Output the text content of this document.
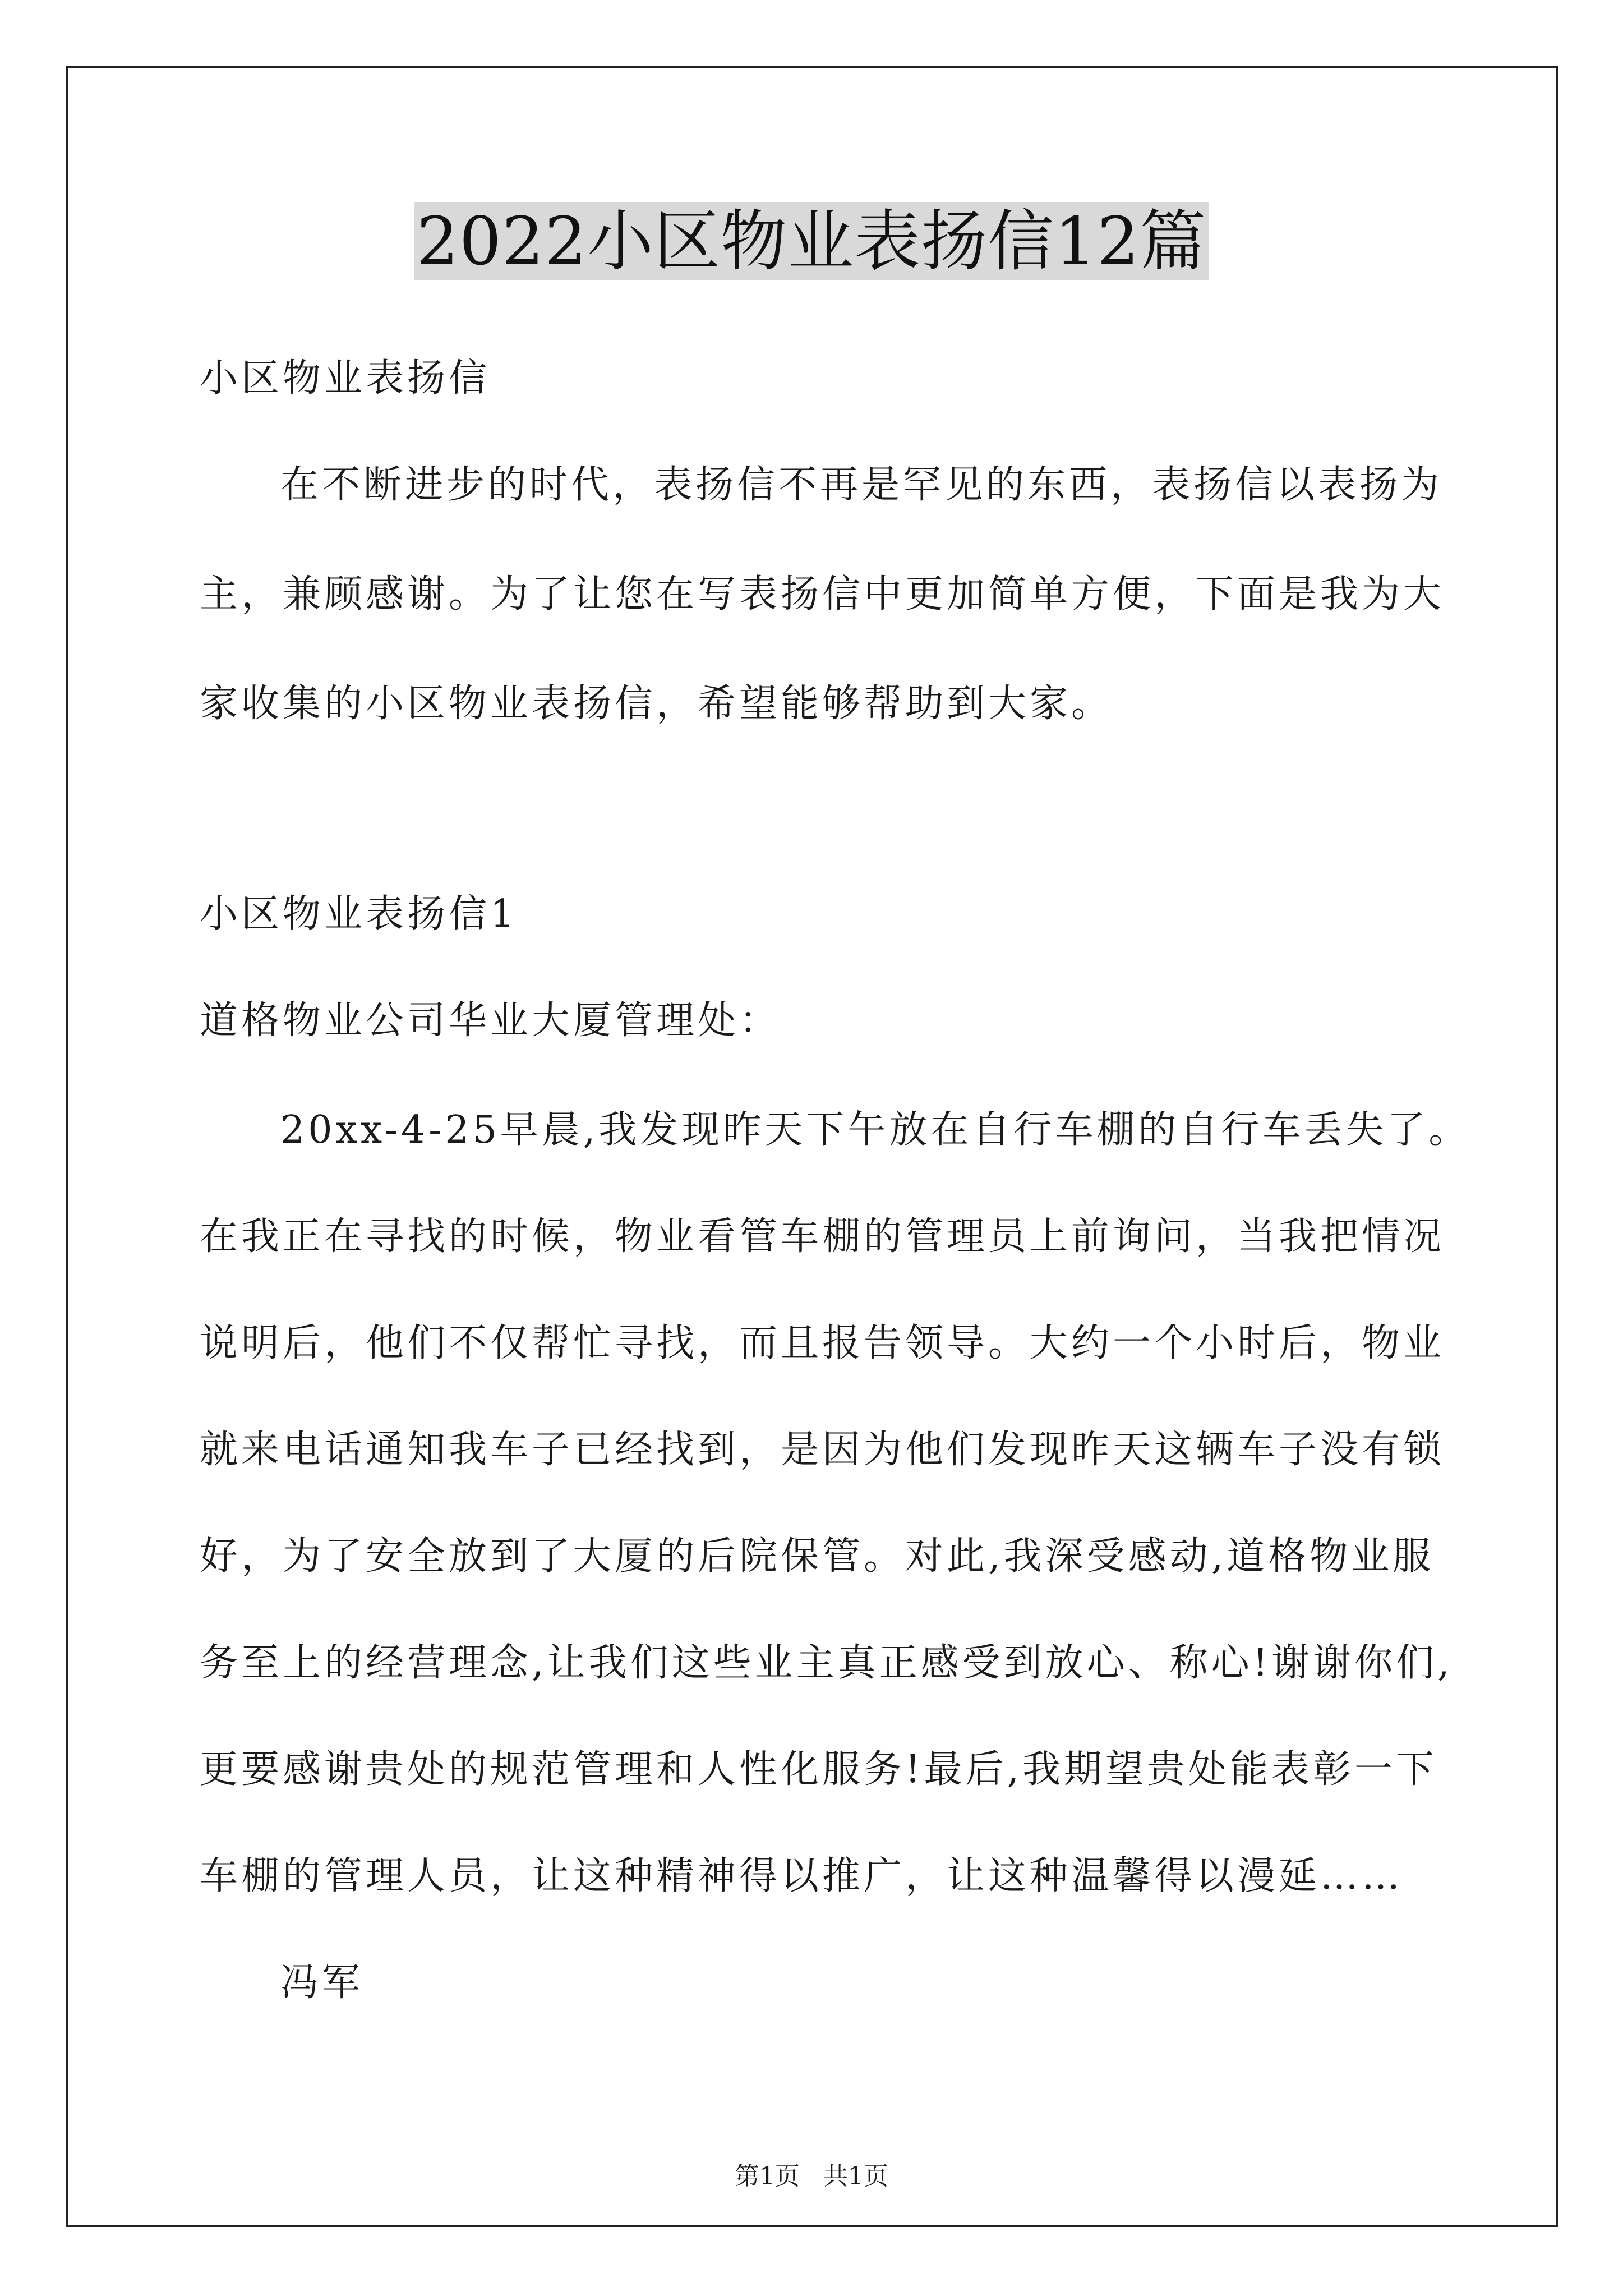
2022小区物业表扬信12篇
小区物业表扬信
在不断进步的时代，表扬信不再是罕见的东西，表扬信以表扬为
主，兼顾感谢。为了让您在写表扬信中更加简单方便，下面是我为大
家收集的小区物业表扬信，希望能够帮助到大家。
小区物业表扬信1
道格物业公司华业大厦管理处：
20xx-4-25早晨,我发现昨天下午放在自行车棚的自行车丢失了。
在我正在寻找的时候，物业看管车棚的管理员上前询问，当我把情况
说明后，他们不仅帮忙寻找，而且报告领导。大约一个小时后，物业
就来电话通知我车子已经找到，是因为他们发现昨天这辆车子没有锁
好，为了安全放到了大厦的后院保管。对此,我深受感动,道格物业服
务至上的经营理念,让我们这些业主真正感受到放心、称心!谢谢你们,
更要感谢贵处的规范管理和人性化服务!最后,我期望贵处能表彰一下
车棚的管理人员，让这种精神得以推广，让这种温馨得以漫延……
冯军
第1页   共1页
